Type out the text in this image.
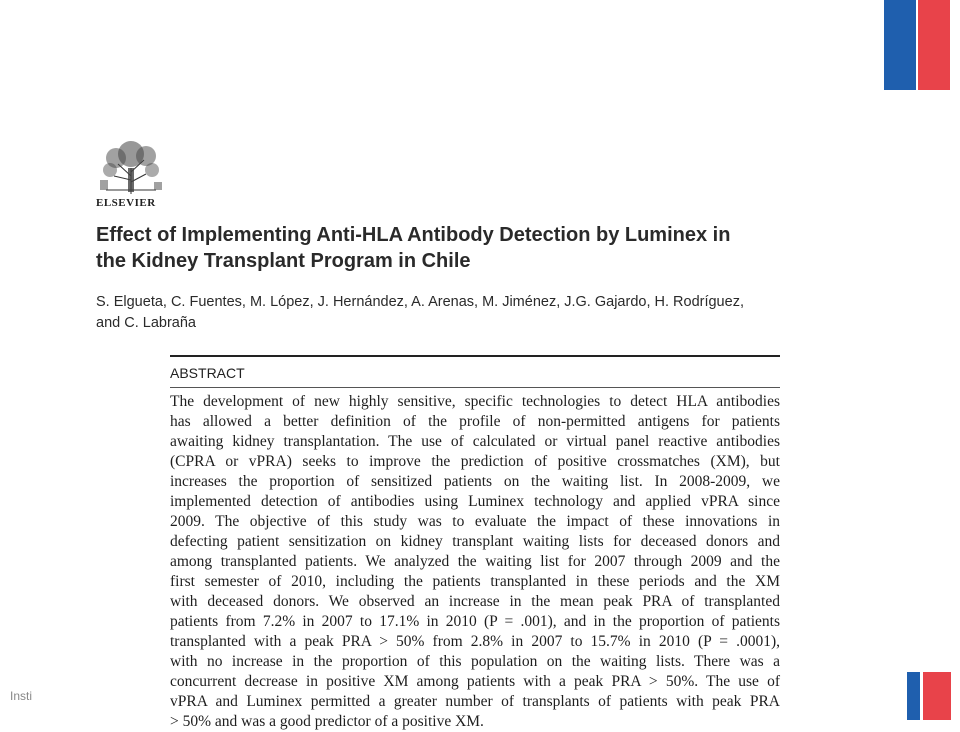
ELSEVIER
Effect of Implementing Anti-HLA Antibody Detection by Luminex in
the Kidney Transplant Program in Chile
S. Elgueta, C. Fuentes, M. López, J. Hernández, A. Arenas, M. Jiménez, J.G. Gajardo, H. Rodríguez,
and C. Labraña
ABSTRACT
The development of new highly sensitive, specific technologies to detect HLA antibodies
has allowed a better definition of the profile of non-permitted antigens for patients
awaiting kidney transplantation. The use of calculated or virtual panel reactive antibodies
(CPRA or vPRA) seeks to improve the prediction of positive crossmatches (XM), but
increases the proportion of sensitized patients on the waiting list. In 2008-2009, we
implemented detection of antibodies using Luminex technology and applied vPRA since
2009. The objective of this study was to evaluate the impact of these innovations in
defecting patient sensitization on kidney transplant waiting lists for deceased donors and
among transplanted patients. We analyzed the waiting list for 2007 through 2009 and the
first semester of 2010, including the patients transplanted in these periods and the XM
with deceased donors. We observed an increase in the mean peak PRA of transplanted
patients from 7.2% in 2007 to 17.1% in 2010 (P = .001), and in the proportion of patients
transplanted with a peak PRA > 50% from 2.8% in 2007 to 15.7% in 2010 (P = .0001),
with no increase in the proportion of this population on the waiting lists. There was a
concurrent decrease in positive XM among patients with a peak PRA > 50%. The use of
vPRA and Luminex permitted a greater number of transplants of patients with peak PRA
> 50% and was a good predictor of a positive XM.
Insti
